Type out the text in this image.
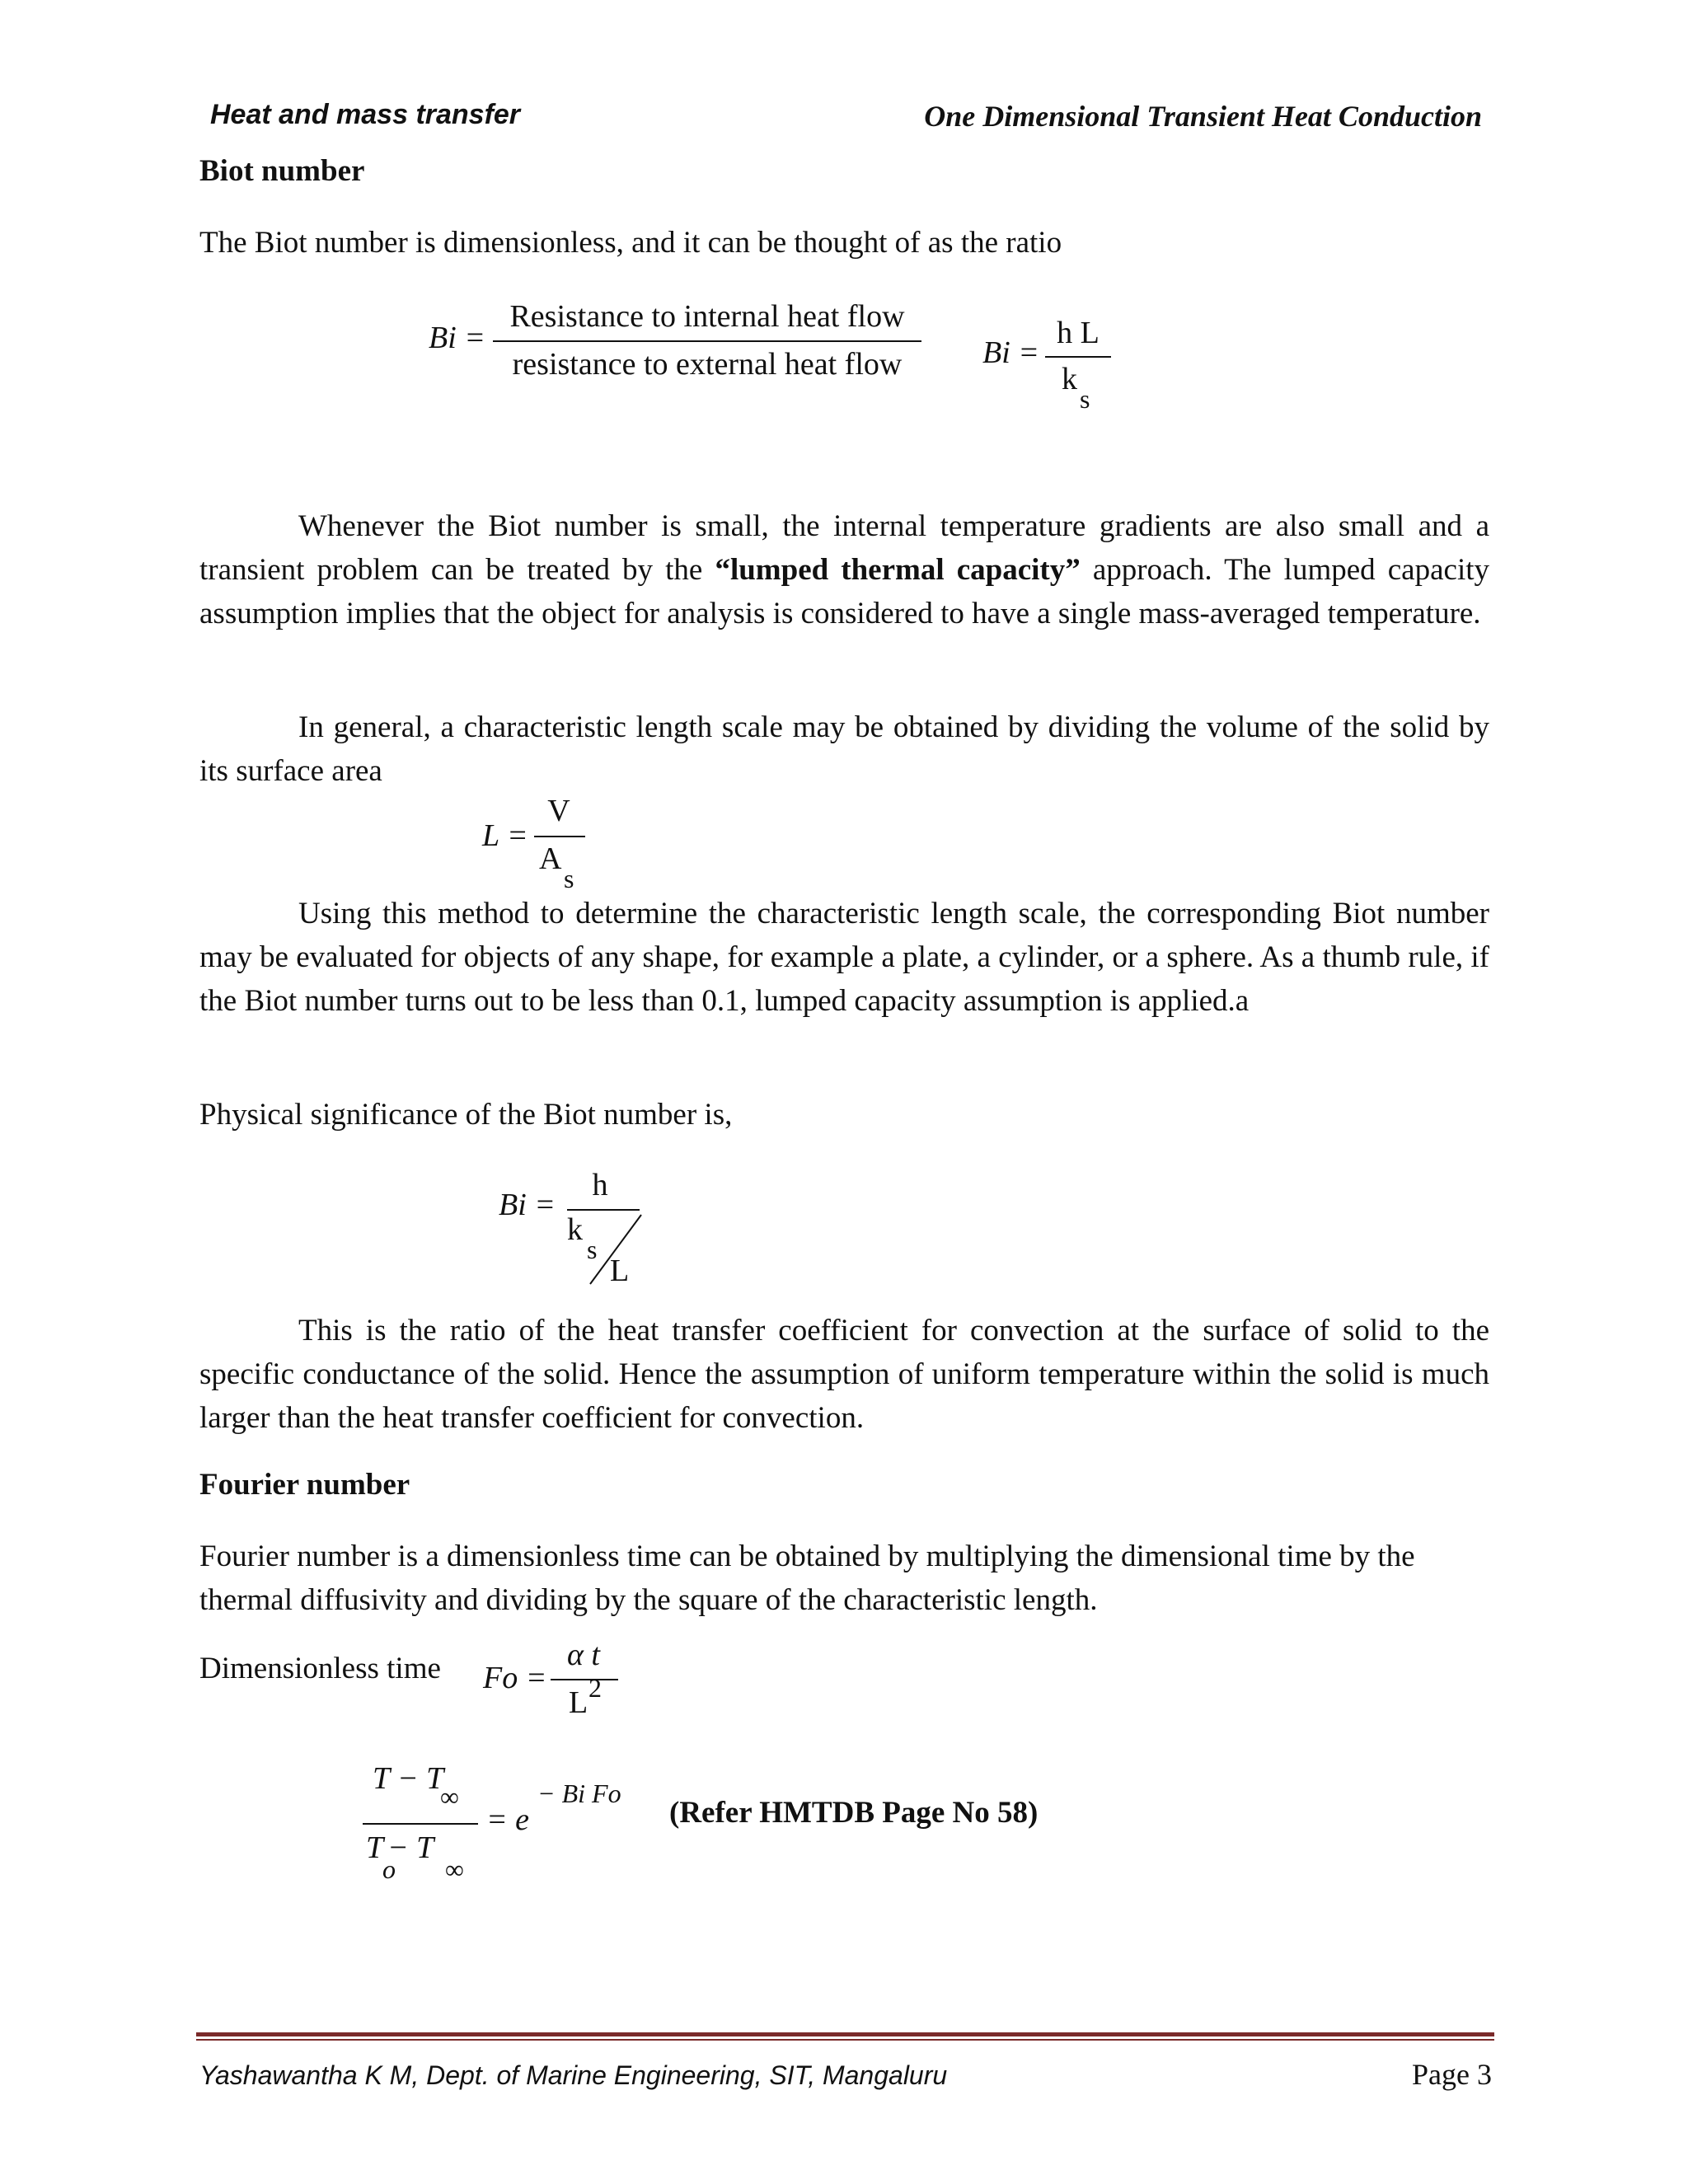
Heat and mass transfer	One Dimensional Transient Heat Conduction
Biot number
The Biot number is dimensionless, and it can be thought of as the ratio
Bi =
Resistance to internal heat flow
resistance to external heat flow	Bi =
h L
k
s
Whenever the Biot number is small, the internal temperature gradients are also small and a transient problem can be treated by the “lumped thermal capacity” approach. The lumped capacity assumption implies that the object for analysis is considered to have a single mass-averaged temperature.
In general, a characteristic length scale may be obtained by dividing the volume of the solid by its surface area
L =
V
A
s
Using this method to determine the characteristic length scale, the corresponding Biot number may be evaluated for objects of any shape, for example a plate, a cylinder, or a sphere. As a thumb rule, if the Biot number turns out to be less than 0.1, lumped capacity assumption is applied.a
Physical significance of the Biot number is,
Bi =
h
k
s
L
This is the ratio of the heat transfer coefficient for convection at the surface of solid to the specific conductance of the solid. Hence the assumption of uniform temperature within the solid is much larger than the heat transfer coefficient for convection.
Fourier number
Fourier number is a dimensionless time can be obtained by multiplying the dimensional time by the thermal diffusivity and dividing by the square of the characteristic length.
Dimensionless time	Fo =
α t
L 2
T − T
∞
T
o
− T
∞
= e
− Bi Fo
(Refer HMTDB Page No 58)
Yashawantha K M, Dept. of Marine Engineering, SIT, Mangaluru	Page 3
